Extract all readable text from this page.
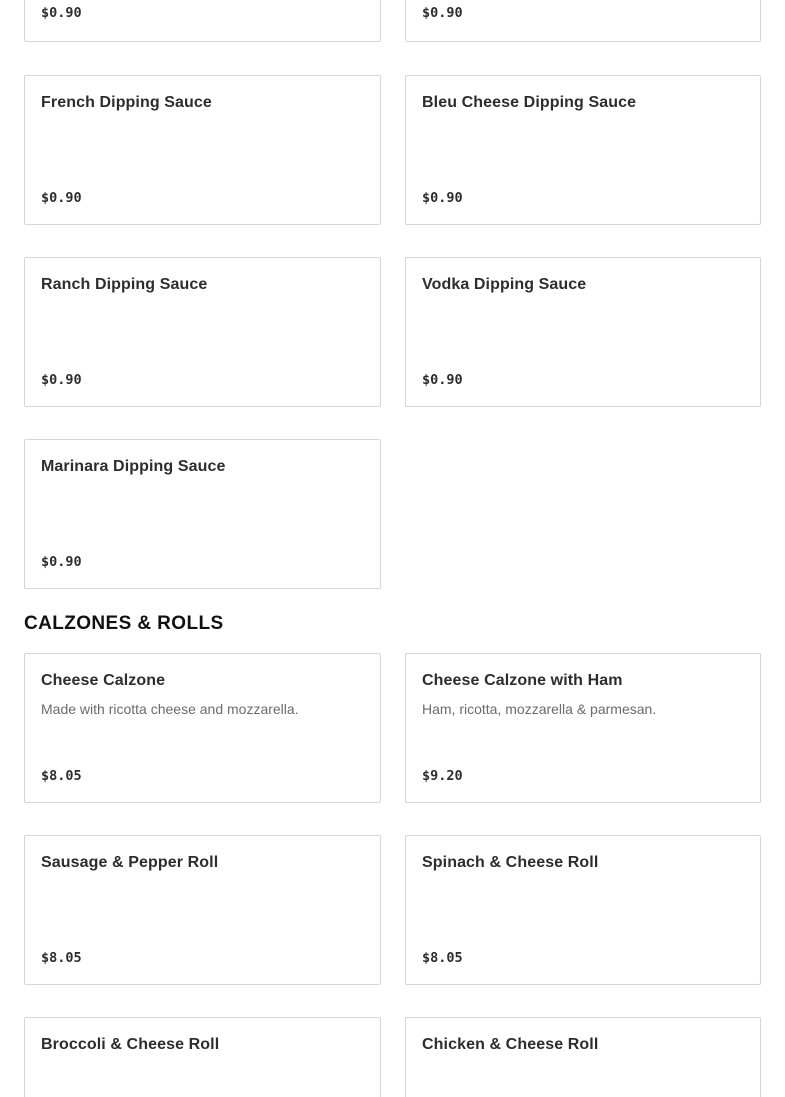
$0.90	$0.90
French Dipping Sauce
$0.90
Bleu Cheese Dipping Sauce
$0.90
Ranch Dipping Sauce
$0.90
Vodka Dipping Sauce
$0.90
Marinara Dipping Sauce
$0.90
CALZONES & ROLLS
Cheese Calzone
Made with ricotta cheese and mozzarella.
$8.05
Cheese Calzone with Ham
Ham, ricotta, mozzarella & parmesan.
$9.20
Sausage & Pepper Roll
$8.05
Spinach & Cheese Roll
$8.05
Broccoli & Cheese Roll	Chicken & Cheese Roll
